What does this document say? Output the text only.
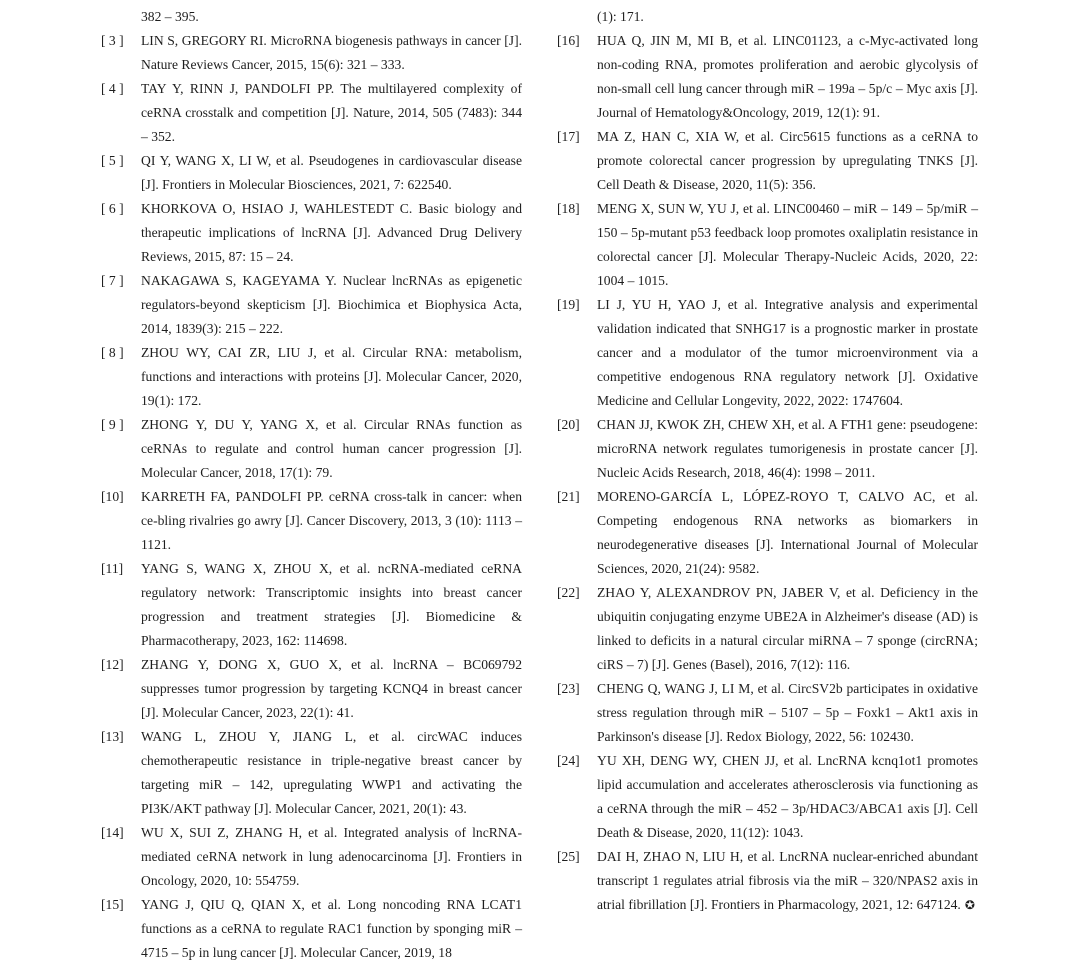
382 – 395.
[ 3 ]	LIN S, GREGORY RI. MicroRNA biogenesis pathways in cancer [J]. Nature Reviews Cancer, 2015, 15(6): 321 – 333.
[ 4 ]	TAY Y, RINN J, PANDOLFI PP. The multilayered complexity of ceRNA crosstalk and competition [J]. Nature, 2014, 505 (7483): 344 – 352.
[ 5 ]	QI Y, WANG X, LI W, et al. Pseudogenes in cardiovascular disease [J]. Frontiers in Molecular Biosciences, 2021, 7: 622540.
[ 6 ]	KHORKOVA O, HSIAO J, WAHLESTEDT C. Basic biology and therapeutic implications of lncRNA [J]. Advanced Drug Delivery Reviews, 2015, 87: 15 – 24.
[ 7 ]	NAKAGAWA S, KAGEYAMA Y. Nuclear lncRNAs as epigenetic regulators-beyond skepticism [J]. Biochimica et Biophysica Acta, 2014, 1839(3): 215 – 222.
[ 8 ]	ZHOU WY, CAI ZR, LIU J, et al. Circular RNA: metabolism, functions and interactions with proteins [J]. Molecular Cancer, 2020, 19(1): 172.
[ 9 ]	ZHONG Y, DU Y, YANG X, et al. Circular RNAs function as ceRNAs to regulate and control human cancer progression [J]. Molecular Cancer, 2018, 17(1): 79.
[10]	KARRETH FA, PANDOLFI PP. ceRNA cross-talk in cancer: when ce-bling rivalries go awry [J]. Cancer Discovery, 2013, 3 (10): 1113 – 1121.
[11]	YANG S, WANG X, ZHOU X, et al. ncRNA-mediated ceRNA regulatory network: Transcriptomic insights into breast cancer progression and treatment strategies [J]. Biomedicine & Pharmacotherapy, 2023, 162: 114698.
[12]	ZHANG Y, DONG X, GUO X, et al. lncRNA – BC069792 suppresses tumor progression by targeting KCNQ4 in breast cancer [J]. Molecular Cancer, 2023, 22(1): 41.
[13]	WANG L, ZHOU Y, JIANG L, et al. circWAC induces chemotherapeutic resistance in triple-negative breast cancer by targeting miR – 142, upregulating WWP1 and activating the PI3K/AKT pathway [J]. Molecular Cancer, 2021, 20(1): 43.
[14]	WU X, SUI Z, ZHANG H, et al. Integrated analysis of lncRNA-mediated ceRNA network in lung adenocarcinoma [J]. Frontiers in Oncology, 2020, 10: 554759.
[15]	YANG J, QIU Q, QIAN X, et al. Long noncoding RNA LCAT1 functions as a ceRNA to regulate RAC1 function by sponging miR – 4715 – 5p in lung cancer [J]. Molecular Cancer, 2019, 18
(1): 171.
[16]	HUA Q, JIN M, MI B, et al. LINC01123, a c-Myc-activated long non-coding RNA, promotes proliferation and aerobic glycolysis of non-small cell lung cancer through miR – 199a – 5p/c – Myc axis [J]. Journal of Hematology&Oncology, 2019, 12(1): 91.
[17]	MA Z, HAN C, XIA W, et al. Circ5615 functions as a ceRNA to promote colorectal cancer progression by upregulating TNKS [J]. Cell Death & Disease, 2020, 11(5): 356.
[18]	MENG X, SUN W, YU J, et al. LINC00460 – miR – 149 – 5p/miR – 150 – 5p-mutant p53 feedback loop promotes oxaliplatin resistance in colorectal cancer [J]. Molecular Therapy-Nucleic Acids, 2020, 22: 1004 – 1015.
[19]	LI J, YU H, YAO J, et al. Integrative analysis and experimental validation indicated that SNHG17 is a prognostic marker in prostate cancer and a modulator of the tumor microenvironment via a competitive endogenous RNA regulatory network [J]. Oxidative Medicine and Cellular Longevity, 2022, 2022: 1747604.
[20]	CHAN JJ, KWOK ZH, CHEW XH, et al. A FTH1 gene: pseudogene: microRNA network regulates tumorigenesis in prostate cancer [J]. Nucleic Acids Research, 2018, 46(4): 1998 – 2011.
[21]	MORENO-GARCÍA L, LÓPEZ-ROYO T, CALVO AC, et al. Competing endogenous RNA networks as biomarkers in neurodegenerative diseases [J]. International Journal of Molecular Sciences, 2020, 21(24): 9582.
[22]	ZHAO Y, ALEXANDROV PN, JABER V, et al. Deficiency in the ubiquitin conjugating enzyme UBE2A in Alzheimer's disease (AD) is linked to deficits in a natural circular miRNA – 7 sponge (circRNA; ciRS – 7) [J]. Genes (Basel), 2016, 7(12): 116.
[23]	CHENG Q, WANG J, LI M, et al. CircSV2b participates in oxidative stress regulation through miR – 5107 – 5p – Foxk1 – Akt1 axis in Parkinson's disease [J]. Redox Biology, 2022, 56: 102430.
[24]	YU XH, DENG WY, CHEN JJ, et al. LncRNA kcnq1ot1 promotes lipid accumulation and accelerates atherosclerosis via functioning as a ceRNA through the miR – 452 – 3p/HDAC3/ABCA1 axis [J]. Cell Death & Disease, 2020, 11(12): 1043.
[25]	DAI H, ZHAO N, LIU H, et al. LncRNA nuclear-enriched abundant transcript 1 regulates atrial fibrosis via the miR – 320/NPAS2 axis in atrial fibrillation [J]. Frontiers in Pharmacology, 2021, 12: 647124. ✪
